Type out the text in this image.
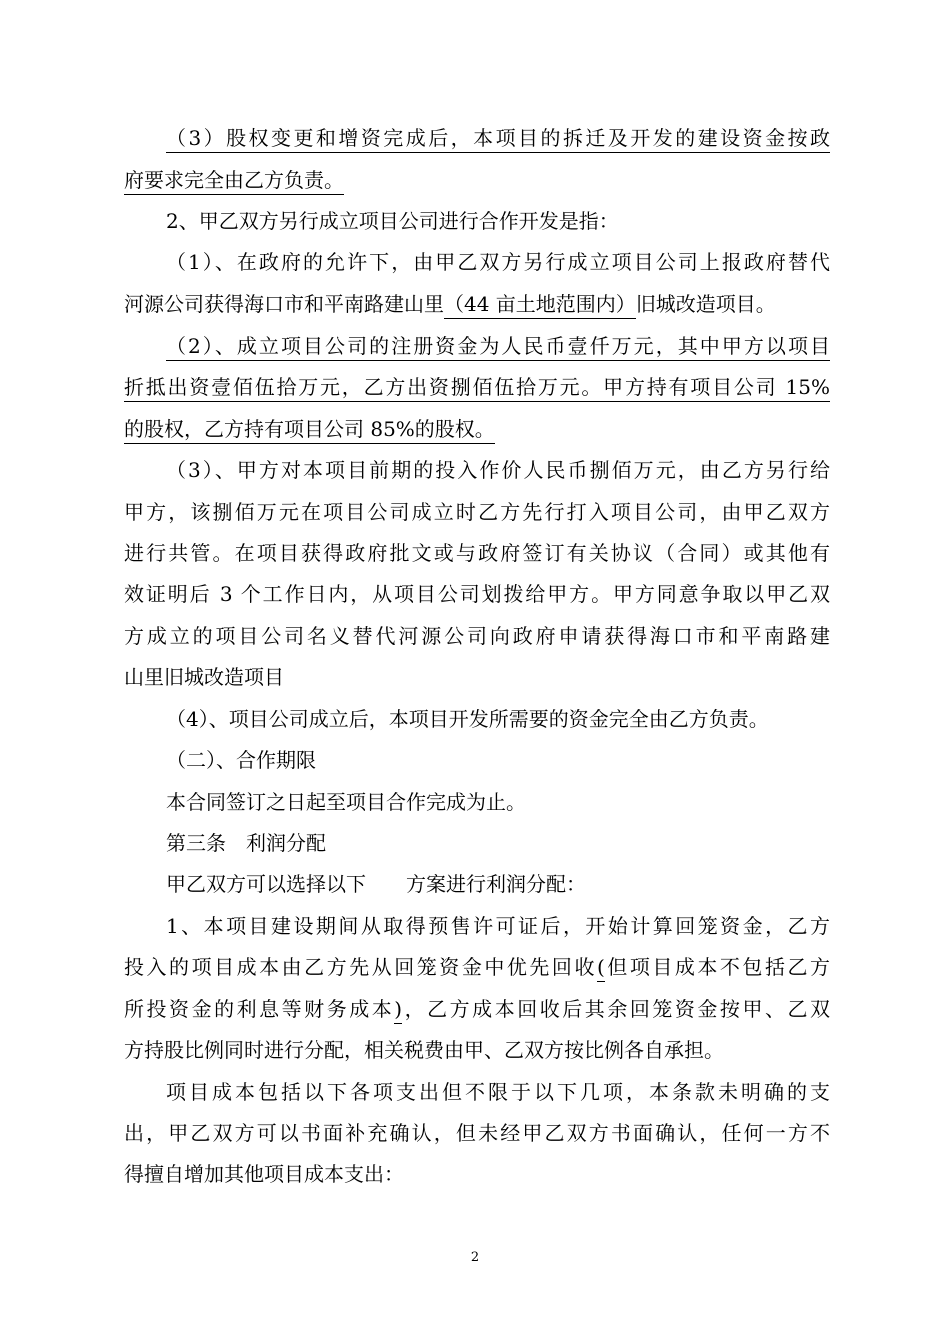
（3）股权变更和增资完成后，本项目的拆迁及开发的建设资金按政
府要求完全由乙方负责。
2、甲乙双方另行成立项目公司进行合作开发是指：
（1）、在政府的允许下，由甲乙双方另行成立项目公司上报政府替代
河源公司获得海口市和平南路建山里（44 亩土地范围内）旧城改造项目。
（2）、成立项目公司的注册资金为人民币壹仟万元，其中甲方以项目
折抵出资壹佰伍拾万元，乙方出资捌佰伍拾万元。甲方持有项目公司 15%
的股权，乙方持有项目公司 85%的股权。
（3）、甲方对本项目前期的投入作价人民币捌佰万元，由乙方另行给
甲方，该捌佰万元在项目公司成立时乙方先行打入项目公司，由甲乙双方
进行共管。在项目获得政府批文或与政府签订有关协议（合同）或其他有
效证明后 3 个工作日内，从项目公司划拨给甲方。甲方同意争取以甲乙双
方成立的项目公司名义替代河源公司向政府申请获得海口市和平南路建
山里旧城改造项目
（4）、项目公司成立后，本项目开发所需要的资金完全由乙方负责。
（二）、合作期限
本合同签订之日起至项目合作完成为止。
第三条　利润分配
甲乙双方可以选择以下　　方案进行利润分配：
1、本项目建设期间从取得预售许可证后，开始计算回笼资金，乙方
投入的项目成本由乙方先从回笼资金中优先回收(但项目成本不包括乙方
所投资金的利息等财务成本)，乙方成本回收后其余回笼资金按甲、乙双
方持股比例同时进行分配，相关税费由甲、乙双方按比例各自承担。
项目成本包括以下各项支出但不限于以下几项，本条款未明确的支
出，甲乙双方可以书面补充确认，但未经甲乙双方书面确认，任何一方不
得擅自增加其他项目成本支出：
2
